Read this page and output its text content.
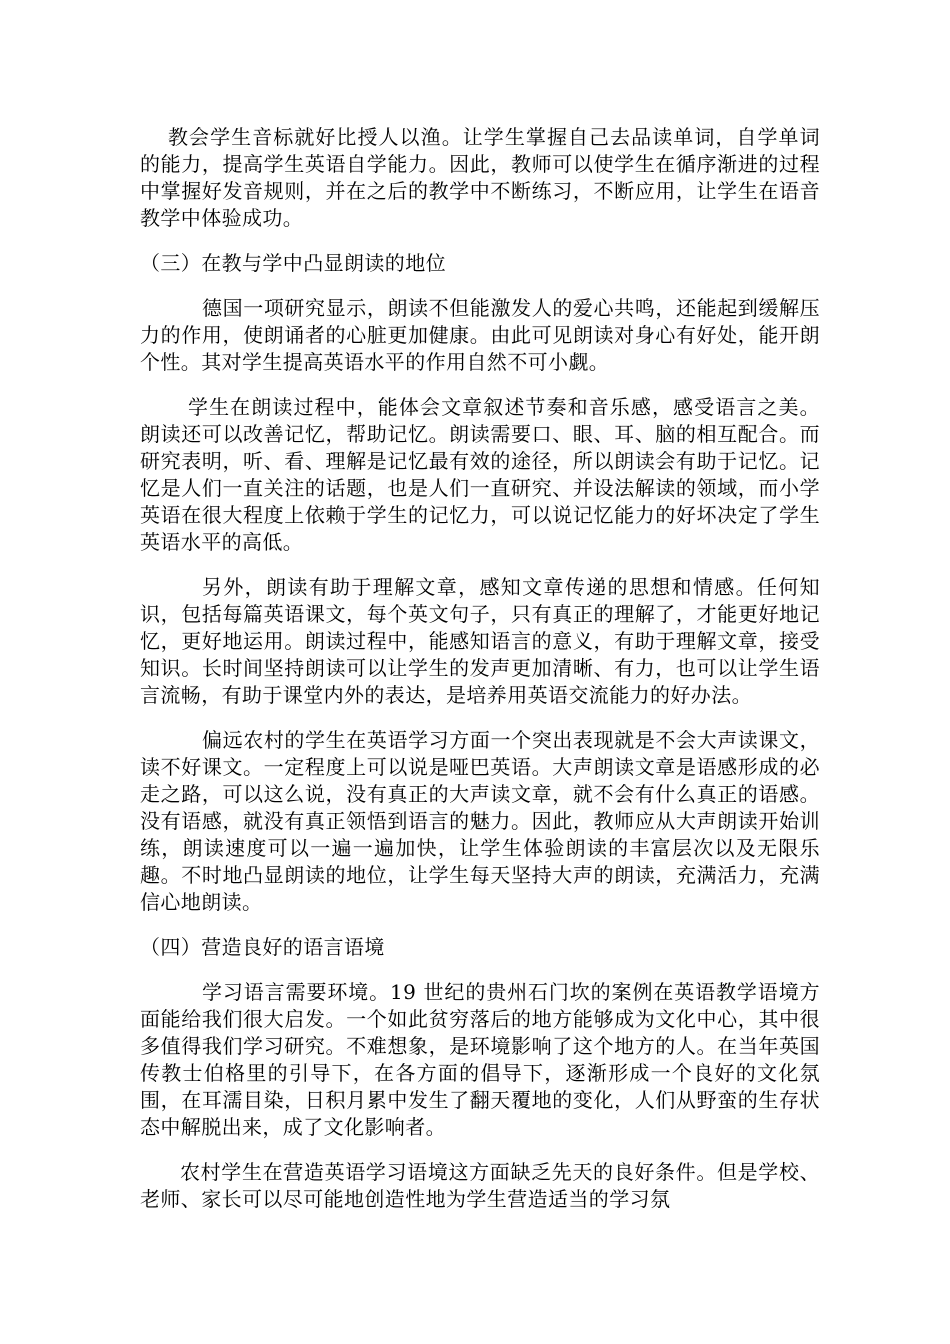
教会学生音标就好比授人以渔。让学生掌握自己去品读单词，自学单词的能力，提高学生英语自学能力。因此，教师可以使学生在循序渐进的过程中掌握好发音规则，并在之后的教学中不断练习，不断应用，让学生在语音教学中体验成功。

（三）在教与学中凸显朗读的地位

德国一项研究显示，朗读不但能激发人的爱心共鸣，还能起到缓解压力的作用，使朗诵者的心脏更加健康。由此可见朗读对身心有好处，能开朗个性。其对学生提高英语水平的作用自然不可小觑。

学生在朗读过程中，能体会文章叙述节奏和音乐感，感受语言之美。朗读还可以改善记忆，帮助记忆。朗读需要口、眼、耳、脑的相互配合。而研究表明，听、看、理解是记忆最有效的途径，所以朗读会有助于记忆。记忆是人们一直关注的话题，也是人们一直研究、并设法解读的领域，而小学英语在很大程度上依赖于学生的记忆力，可以说记忆能力的好坏决定了学生英语水平的高低。

另外，朗读有助于理解文章，感知文章传递的思想和情感。任何知识，包括每篇英语课文，每个英文句子，只有真正的理解了，才能更好地记忆，更好地运用。朗读过程中，能感知语言的意义，有助于理解文章，接受知识。长时间坚持朗读可以让学生的发声更加清晰、有力，也可以让学生语言流畅，有助于课堂内外的表达，是培养用英语交流能力的好办法。

偏远农村的学生在英语学习方面一个突出表现就是不会大声读课文，读不好课文。一定程度上可以说是哑巴英语。大声朗读文章是语感形成的必走之路，可以这么说，没有真正的大声读文章，就不会有什么真正的语感。没有语感，就没有真正领悟到语言的魅力。因此，教师应从大声朗读开始训练，朗读速度可以一遍一遍加快，让学生体验朗读的丰富层次以及无限乐趣。不时地凸显朗读的地位，让学生每天坚持大声的朗读，充满活力，充满信心地朗读。

（四）营造良好的语言语境

学习语言需要环境。19 世纪的贵州石门坎的案例在英语教学语境方面能给我们很大启发。一个如此贫穷落后的地方能够成为文化中心，其中很多值得我们学习研究。不难想象，是环境影响了这个地方的人。在当年英国传教士伯格里的引导下，在各方面的倡导下，逐渐形成一个良好的文化氛围，在耳濡目染，日积月累中发生了翻天覆地的变化，人们从野蛮的生存状态中解脱出来，成了文化影响者。

农村学生在营造英语学习语境这方面缺乏先天的良好条件。但是学校、老师、家长可以尽可能地创造性地为学生营造适当的学习氛
